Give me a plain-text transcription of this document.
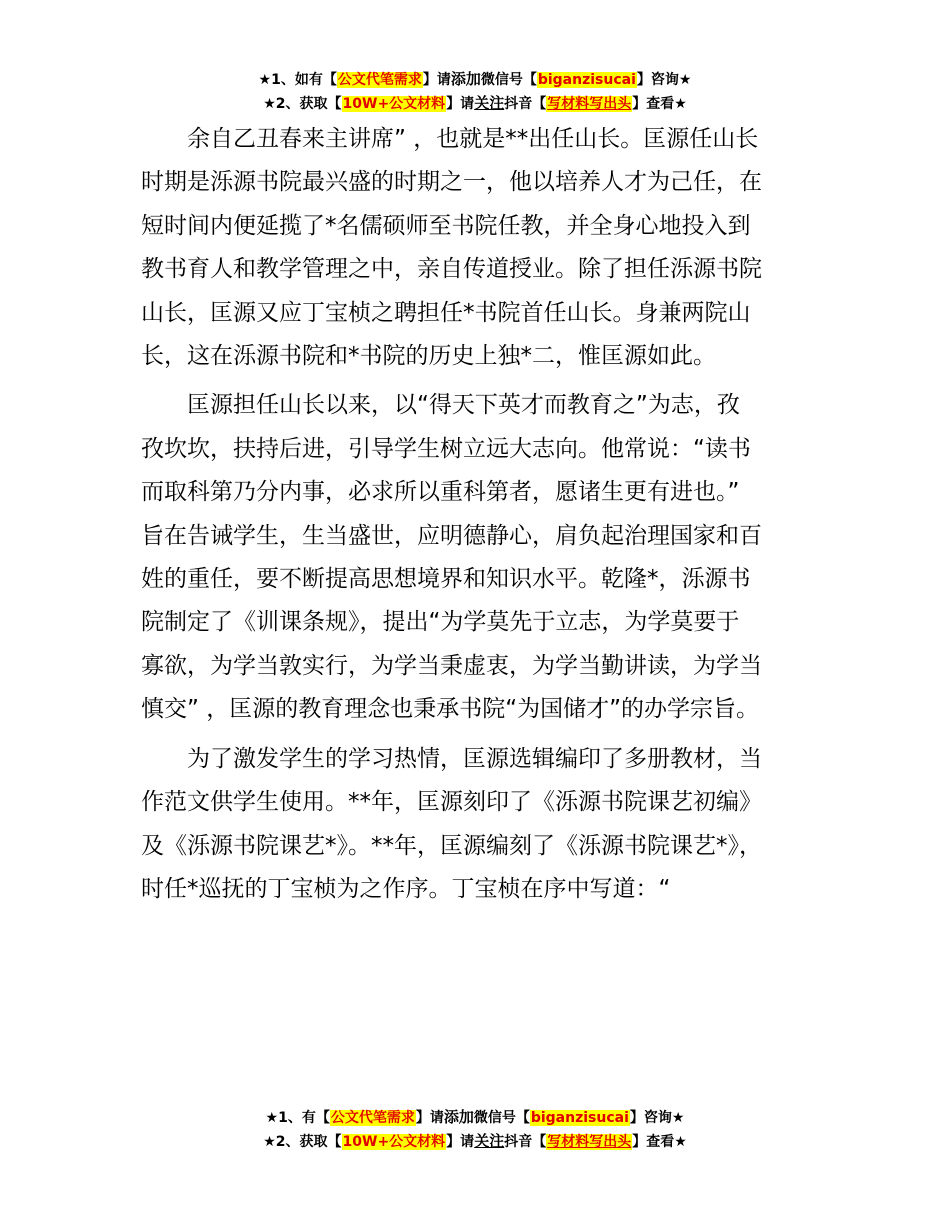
★1、如有【公文代笔需求】请添加微信号【biganzisucai】咨询★
★2、获取【10W+公文材料】请关注抖音【写材料写出头】查看★

余自乙丑春来主讲席” ，也就是**出任山长。匡源任山长
时期是泺源书院最兴盛的时期之一，他以培养人才为己任，在
短时间内便延揽了*名儒硕师至书院任教，并全身心地投入到
教书育人和教学管理之中，亲自传道授业。除了担任泺源书院
山长，匡源又应丁宝桢之聘担任*书院首任山长。身兼两院山
长，这在泺源书院和*书院的历史上独*二，惟匡源如此。

匡源担任山长以来，以“得天下英才而教育之”为志，孜
孜坎坎，扶持后进，引导学生树立远大志向。他常说：“读书
而取科第乃分内事，必求所以重科第者，愿诸生更有进也。”
旨在告诫学生，生当盛世，应明德静心，肩负起治理国家和百
姓的重任，要不断提高思想境界和知识水平。乾隆*，泺源书
院制定了《训课条规》，提出“为学莫先于立志，为学莫要于
寡欲，为学当敦实行，为学当秉虚衷，为学当勤讲读，为学当
慎交” ，匡源的教育理念也秉承书院“为国储才”的办学宗旨。

为了激发学生的学习热情，匡源选辑编印了多册教材，当
作范文供学生使用。**年，匡源刻印了《泺源书院课艺初编》
及《泺源书院课艺*》。**年，匡源编刻了《泺源书院课艺*》，
时任*巡抚的丁宝桢为之作序。丁宝桢在序中写道：“

★1、有【公文代笔需求】请添加微信号【biganzisucai】咨询★
★2、获取【10W+公文材料】请关注抖音【写材料写出头】查看★
